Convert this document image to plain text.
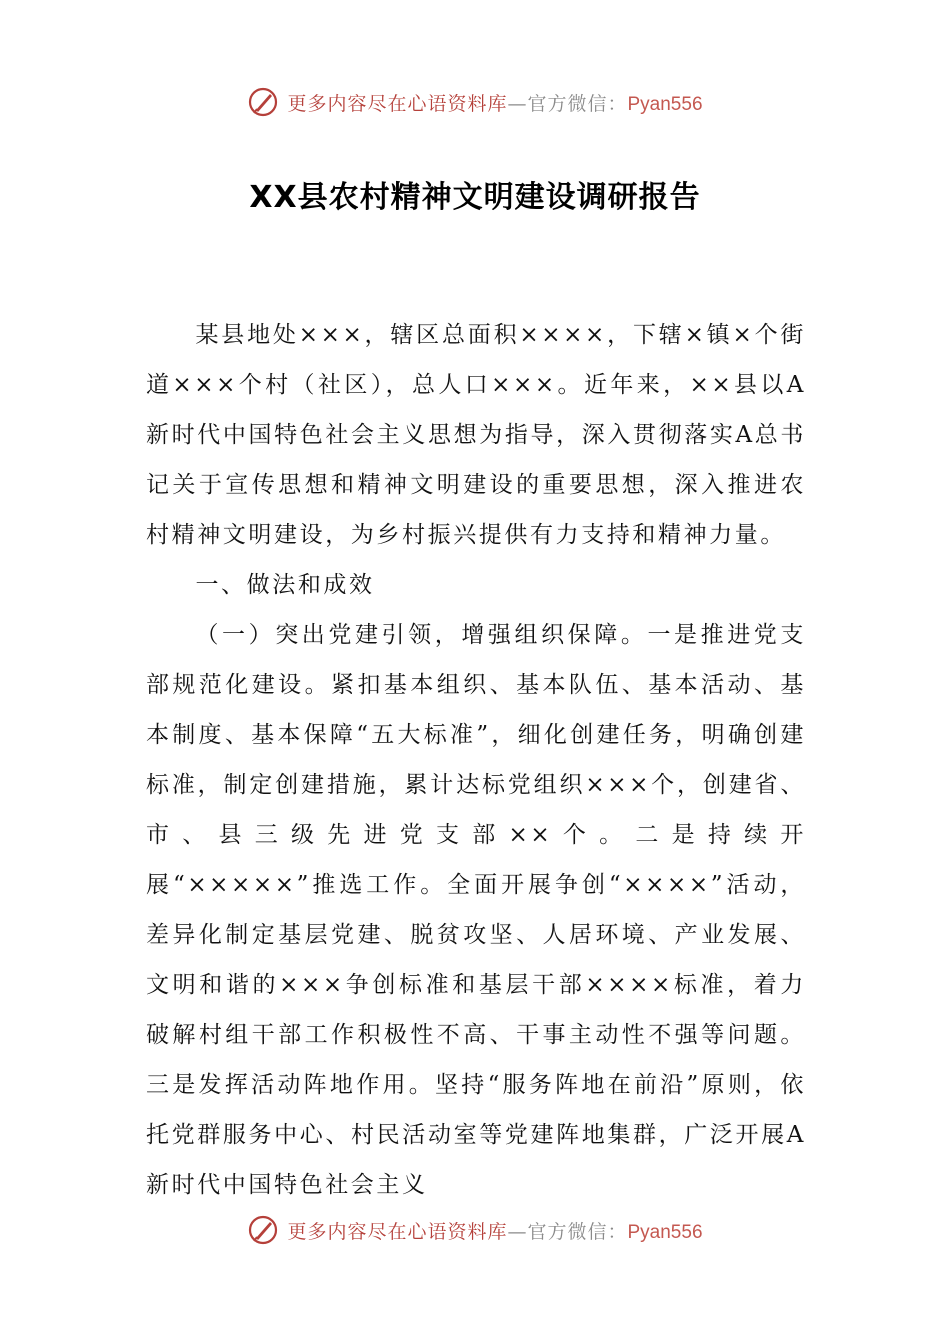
更多内容尽在心语资料库—官方微信：Pyan556
XX县农村精神文明建设调研报告

某县地处×××，辖区总面积××××，下辖×镇×个街道×××个村（社区），总人口×××。近年来，××县以A新时代中国特色社会主义思想为指导，深入贯彻落实A总书记关于宣传思想和精神文明建设的重要思想，深入推进农村精神文明建设，为乡村振兴提供有力支持和精神力量。

一、做法和成效

（一）突出党建引领，增强组织保障。一是推进党支部规范化建设。紧扣基本组织、基本队伍、基本活动、基本制度、基本保障“五大标准”，细化创建任务，明确创建标准，制定创建措施，累计达标党组织×××个，创建省、市、县三级先进党支部××个。二是持续开展“×××××”推选工作。全面开展争创“××××”活动，差异化制定基层党建、脱贫攻坚、人居环境、产业发展、文明和谐的×××争创标准和基层干部××××标准，着力破解村组干部工作积极性不高、干事主动性不强等问题。三是发挥活动阵地作用。坚持“服务阵地在前沿”原则，依托党群服务中心、村民活动室等党建阵地集群，广泛开展A新时代中国特色社会主义

更多内容尽在心语资料库—官方微信：Pyan556
